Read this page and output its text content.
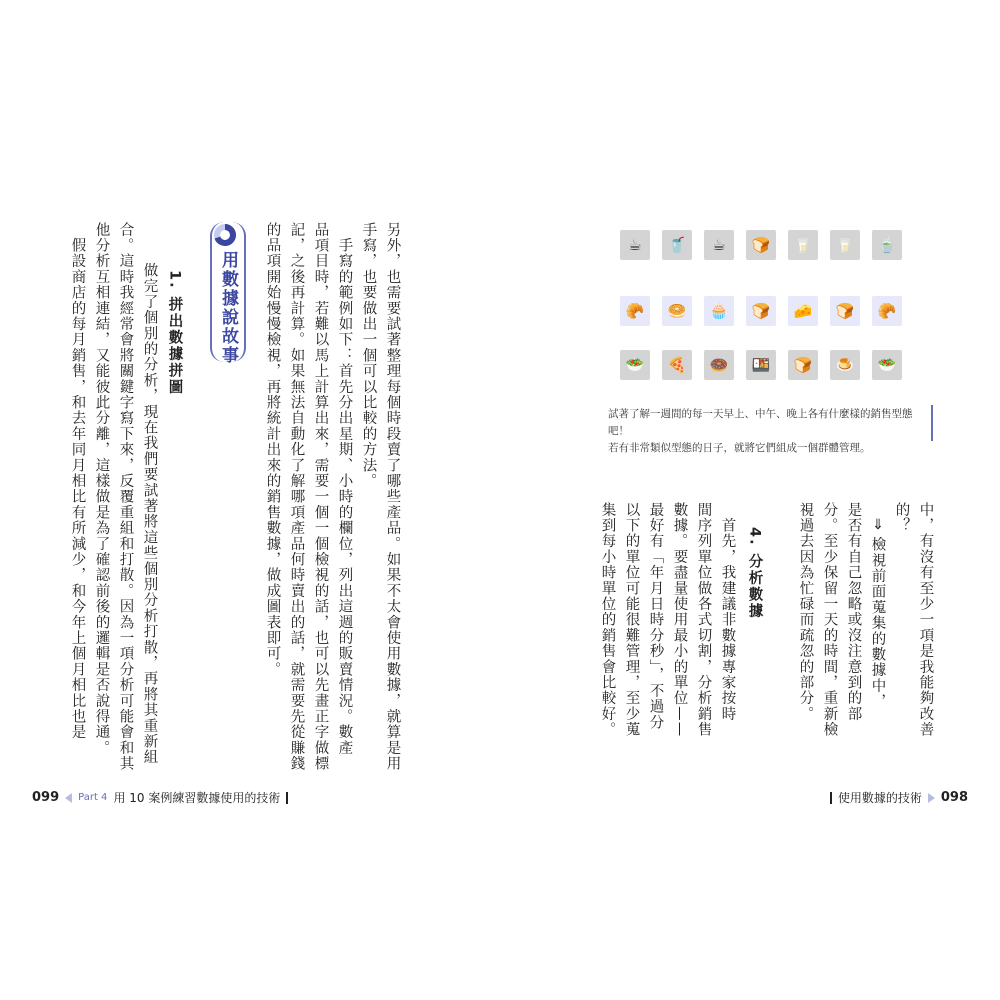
另外，也需要試著整理每個時段賣了哪些產品。如果不太會使用數據，就算是用
手寫，也要做出一個可以比較的方法。
　手寫的範例如下：首先分出星期、小時的欄位，列出這週的販賣情況。數產
品項目時，若難以馬上計算出來，需要一個一個檢視的話，也可以先畫正字做標
記，之後再計算。如果無法自動化了解哪項產品何時賣出的話，就需要先從賺錢
的品項開始慢慢檢視，再將統計出來的銷售數據，做成圖表即可。
用數據說故事
1. 拼出數據拼圖
　做完了個別的分析，現在我們要試著將這些個別分析打散，再將其重新組
合。這時我經常會將關鍵字寫下來，反覆重組和打散。因為一項分析可能會和其
他分析互相連結，又能彼此分離，這樣做是為了確認前後的邏輯是否說得通。
　假設商店的每月銷售，和去年同月相比有所減少，和今年上個月相比也是	☕	🥤	☕	🍞	🥛	🥛	🍵
🥐	🥯	🧁	🍞	🧀	🍞	🥐
🥗	🍕	🍩	🍱	🍞	🍮	🥗
試著了解一週間的每一天早上、中午、晚上各有什麼樣的銷售型態吧！
若有非常類似型態的日子，就將它們組成一個群體管理。
中，有沒有至少一項是我能夠改善
的？
　⇒ 檢視前面蒐集的數據中，
是否有自己忽略或沒注意到的部
分。至少保留一天的時間，重新檢
視過去因為忙碌而疏忽的部分。
4. 分析數據
　首先，我建議非數據專家按時
間序列單位做各式切割，分析銷售
數據。要盡量使用最小的單位——
最好有「年月日時分秒」，不過分
以下的單位可能很難管理，至少蒐
集到每小時單位的銷售會比較好。
099 Part 4 用 10 案例練習數據使用的技術	使用數據的技術 098
